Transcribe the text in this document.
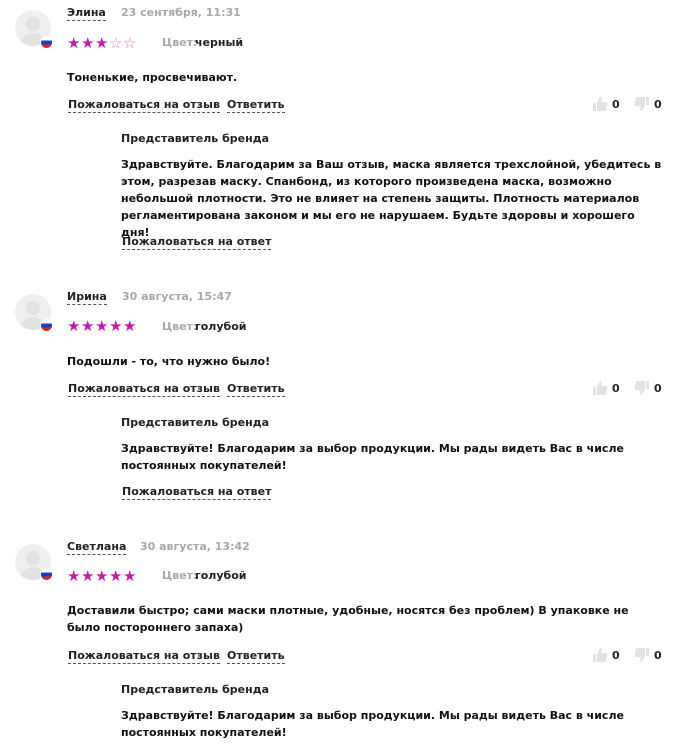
Элина 23 сентября, 11:31
★★★☆☆ Цвет:
черный

Тоненькие, просвечивают.

Пожаловаться на отзыв Ответить	0	0
Представитель бренда

Здравствуйте. Благодарим за Ваш отзыв, маска является трехслойной, убедитесь в этом, разрезав маску. Спанбонд, из которого произведена маска, возможно небольшой плотности. Это не влияет на степень защиты. Плотность материалов регламентирована законом и мы его не нарушаем. Будьте здоровы и хорошего дня!

Пожаловаться на ответ
Ирина 30 августа, 15:47
★★★★★ Цвет:
голубой

Подошли - то, что нужно было!

Пожаловаться на отзыв Ответить	0	0
Представитель бренда

Здравствуйте! Благодарим за выбор продукции. Мы рады видеть Вас в числе постоянных покупателей!

Пожаловаться на ответ
Светлана 30 августа, 13:42
★★★★★ Цвет:
голубой

Доставили быстро; сами маски плотные, удобные, носятся без проблем) В упаковке не было постороннего запаха)

Пожаловаться на отзыв Ответить	0	0
Представитель бренда

Здравствуйте! Благодарим за выбор продукции. Мы рады видеть Вас в числе постоянных покупателей!
